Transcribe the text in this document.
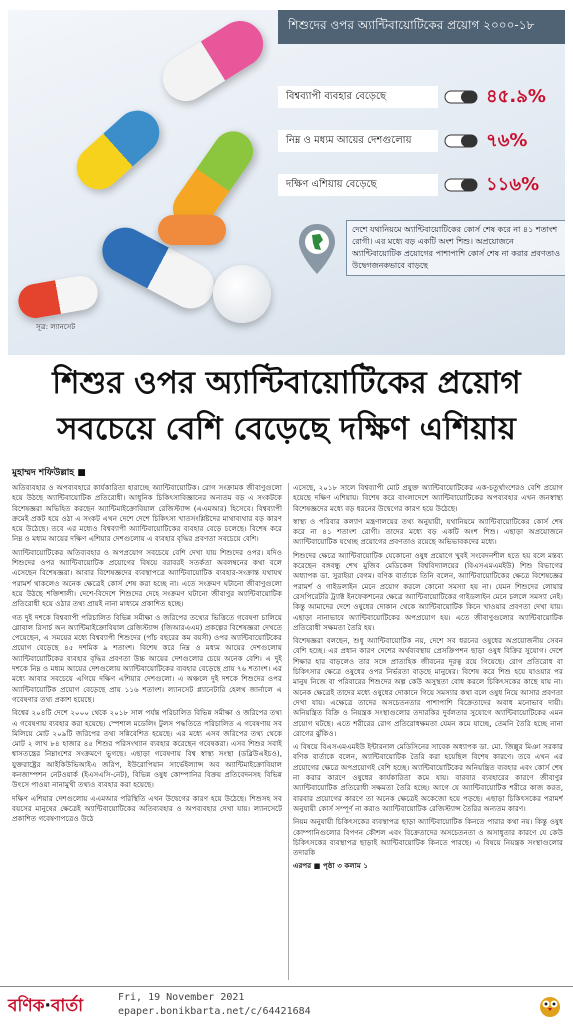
সূত্র: ল্যানসেট
শিশুদের ওপর অ্যান্টিবায়োটিকের প্রয়োগ ২০০০-১৮
বিশ্বব্যাপী ব্যবহার বেড়েছে	৪৫.৯%
নিম্ন ও মধ্যম আয়ের দেশগুলোয়	৭৬%
দক্ষিণ এশিয়ায় বেড়েছে	১১৬%
দেশে যথানিয়মে অ্যান্টিবায়োটিকের কোর্স শেষ করে না ৪১ শতাংশ রোগী। এর মধ্যে বড় একটি অংশ শিশু। অপ্রয়োজনে অ্যান্টিবায়োটিক প্রয়োগের পাশাপাশি কোর্স শেষ না করার প্রবণতাও উদ্বেগজনকভাবে বাড়ছে
শিশুর ওপর অ্যান্টিবায়োটিকের প্রয়োগ
সবচেয়ে বেশি বেড়েছে দক্ষিণ এশিয়ায়
মুহাম্মদ শফিউল্লাহ ■

অতিব্যবহার ও অপব্যবহারে কার্যকারিতা হারাচ্ছে অ্যান্টিবায়োটিক। রোগ সংক্রামক জীবাণুগুলো হয়ে উঠছে অ্যান্টিবায়োটিক প্রতিরোধী। আধুনিক চিকিৎসাবিজ্ঞানের অন্যতম বড় এ সংকটকে বিশেষজ্ঞরা অভিহিত করছেন অ্যান্টিমাইক্রোবিয়াল রেজিস্ট্যান্স (এএমআর) হিসেবে। বিশ্বব্যাপী ক্রমেই প্রকট হয়ে ওঠা এ সংকট এখন দেশে দেশে চিকিৎসা খাতসংশ্লিষ্টদের মাথাব্যথার বড় কারণ হয়ে উঠেছে। তবে এর মধ্যেও বিশ্বব্যাপী অ্যান্টিবায়োটিকের ব্যবহার বেড়ে চলেছে। বিশেষ করে নিম্ন ও মধ্যম আয়ের দক্ষিণ এশিয়ার দেশগুলোয় এ ব্যবহার বৃদ্ধির প্রবণতা সবচেয়ে বেশি।

অ্যান্টিবায়োটিকের অতিব্যবহার ও অপপ্রয়োগ সবচেয়ে বেশি দেখা যায় শিশুদের ওপর। যদিও শিশুদের ওপর অ্যান্টিবায়োটিক প্রয়োগের বিষয়ে বরাবরই সতর্কতা অবলম্বনের কথা বলে এসেছেন বিশেষজ্ঞরা। আবার বিশেষজ্ঞদের ব্যবস্থাপত্রে অ্যান্টিবায়োটিক ব্যবহার-সংক্রান্ত যথাযথ পরামর্শ থাকলেও অনেক ক্ষেত্রেই কোর্স শেষ করা হচ্ছে না। এতে সংক্রমণ ঘটানো জীবাণুগুলো হয়ে উঠছে শক্তিশালী। দেশে-বিদেশে শিশুদের দেহে সংক্রমণ ঘটানো জীবাণুর অ্যান্টিবায়োটিক প্রতিরোধী হয়ে ওঠার তথ্য প্রায়ই নানা মাধ্যমে প্রকাশিত হচ্ছে।

গত দুই দশকে বিশ্বব্যাপী পরিচালিত বিভিন্ন সমীক্ষা ও জরিপের তথ্যের ভিত্তিতে গবেষণা চালিয়ে গ্লোবাল রিসার্চ অন অ্যান্টিমাইক্রোবিয়াল রেজিস্ট্যান্স (জিআরএএম) প্রকল্পের বিশেষজ্ঞরা দেখতে পেয়েছেন, এ সময়ের মধ্যে বিশ্বব্যাপী শিশুদের (পাঁচ বছরের কম বয়সী) ওপর অ্যান্টিবায়োটিকের প্রয়োগ বেড়েছে ৪৫ দশমিক ৯ শতাংশ। বিশেষ করে নিম্ন ও মধ্যম আয়ের দেশগুলোয় অ্যান্টিবায়োটিকের ব্যবহার বৃদ্ধির প্রবণতা উচ্চ আয়ের দেশগুলোর চেয়ে অনেক বেশি। এ দুই দশকে নিম্ন ও মধ্যম আয়ের দেশগুলোয় অ্যান্টিবায়োটিকের ব্যবহার বেড়েছে প্রায় ৭৬ শতাংশ। এর মধ্যে আবার সবচেয়ে এগিয়ে দক্ষিণ এশিয়ার দেশগুলো। এ অঞ্চলে দুই দশকে শিশুদের ওপর অ্যান্টিবায়োটিক প্রয়োগ বেড়েছে প্রায় ১১৬ শতাংশ। ল্যানসেট প্ল্যানেটারি হেলথ জার্নালে এ গবেষণার তথ্য প্রকাশ হয়েছে।

বিশ্বের ২০৪টি দেশে ২০০০ থেকে ২০১৮ সাল পর্যন্ত পরিচালিত বিভিন্ন সমীক্ষা ও জরিপের তথ্য এ গবেষণায় ব্যবহার করা হয়েছে। স্পেশাল মডেলিং টুলস পদ্ধতিতে পরিচালিত এ গবেষণায় সব মিলিয়ে মোট ২০৯টি জরিপের তথ্য সন্নিবেশিত হয়েছে। এর মধ্যে এসব জরিপের তথ্য থেকে মোট ২ লাখ ৮৪ হাজার ৪৫ শিশুর পরিসংখ্যান ব্যবহার করেছেন গবেষকরা। এসব শিশুর সবাই শ্বাসতন্ত্রের নিম্নাংশের সংক্রমণে ভুগছে। এছাড়া গবেষণায় বিশ্ব স্বাস্থ্য সংস্থা (ডব্লিউএইচও), যুক্তরাষ্ট্রের আইকিউভিআইএ জরিপ, ইউরোপিয়ান সার্ভেইল্যান্স অব অ্যান্টিমাইক্রোবিয়াল কনজাম্পশন নেটওয়ার্ক (ইএসএসি-নেট), বিভিন্ন ওষুধ কোম্পানির বিক্রয় প্রতিবেদনসহ বিভিন্ন উৎসে পাওয়া নানামুখী তথ্যও ব্যবহার করা হয়েছে।

দক্ষিণ এশিয়ার দেশগুলোয় এএমআর পরিস্থিতি এখন উদ্বেগের কারণ হয়ে উঠেছে। শিশুসহ সব বয়সের মানুষের ক্ষেত্রেই অ্যান্টিবায়োটিকের অতিব্যবহার ও অপব্যবহার দেখা যায়। ল্যানসেটে প্রকাশিত গবেষণাপত্রেও উঠে

এসেছে, ২০১৮ সালে বিশ্বব্যাপী মোট প্রযুক্ত অ্যান্টিবায়োটিকের এক-চতুর্থাংশেরও বেশি প্রয়োগ হয়েছে দক্ষিণ এশিয়ায়। বিশেষ করে বাংলাদেশে অ্যান্টিবায়োটিকের অপব্যবহার এখন জনস্বাস্থ্য বিশেষজ্ঞদের মধ্যে বড় ধরনের উদ্বেগের কারণ হয়ে উঠেছে।

স্বাস্থ্য ও পরিবার কল্যাণ মন্ত্রণালয়ের তথ্য অনুযায়ী, যথানিয়মে অ্যান্টিবায়োটিকের কোর্স শেষ করে না ৪১ শতাংশ রোগী। তাদের মধ্যে বড় একটি অংশ শিশু। এছাড়া অপ্রয়োজনে অ্যান্টিবায়োটিক যথেচ্ছ প্রয়োগের প্রবণতাও রয়েছে অভিভাবকদের মধ্যে।

শিশুদের ক্ষেত্রে অ্যান্টিবায়োটিক যেকোনো ওষুধ প্রয়োগে খুবই সংবেদনশীল হতে হয় বলে মন্তব্য করেছেন বঙ্গবন্ধু শেখ মুজিব মেডিকেল বিশ্ববিদ্যালয়ের (বিএসএমএমইউ) শিশু বিভাগের অধ্যাপক ডা. সুরাইয়া বেগম। বণিক বার্তাকে তিনি বলেন, অ্যান্টিবায়োটিকের ক্ষেত্রে বিশেষজ্ঞের পরামর্শ ও গাইডলাইন মেনে প্রয়োগ করলে কোনো সমস্যা হয় না। যেমন শিশুদের লোয়ার রেসপিরেটরি ট্র্যাক্ট ইনফেকশনের ক্ষেত্রে অ্যান্টিবায়োটিকের গাইডলাইন মেনে চললে সমস্যা নেই। কিন্তু আমাদের দেশে ওষুধের দোকান থেকে অ্যান্টিবায়োটিক কিনে খাওয়ার প্রবণতা দেখা যায়। এছাড়া নানাভাবে অ্যান্টিবায়োটিকের অপপ্রয়োগ হয়। এতে জীবাণুগুলোর অ্যান্টিবায়োটিক প্রতিরোধী সক্ষমতা তৈরি হয়।

বিশেষজ্ঞরা বলছেন, শুধু অ্যান্টিবায়োটিক নয়, দেশে সব ধরনের ওষুধের অপ্রয়োজনীয় সেবন বেশি হচ্ছে। এর প্রধান কারণ দেশের অর্থব্যবস্থায় প্রেসক্রিপশন ছাড়া ওষুধ বিক্রির সুযোগ। দেশে শিক্ষার হার বাড়লেও তার সঙ্গে প্রাত্যহিক জীবনের দূরত্ব রয়ে গিয়েছে। রোগ প্রতিরোধ বা চিকিৎসার ক্ষেত্রে ওষুধের ওপর নির্ভরতা বাড়ছে মানুষের। বিশেষ করে শিশু হয়ে যাওয়ার পর মানুষ নিজে বা পরিবারের শিশুদের অল্প কেউ অসুস্থতা বোধ করলে চিকিৎসকের কাছে যায় না। অনেক ক্ষেত্রেই তাদের মধ্যে ওষুধের দোকানে গিয়ে সমস্যার কথা বলে ওষুধ নিয়ে আসার প্রবণতা দেখা যায়। এক্ষেত্রে তাদের অসচেতনতার পাশাপাশি বিক্রেতাদের অবাধ মনোভাব দায়ী। অনিয়ন্ত্রিত বিক্রি ও নিয়ন্ত্রক সংস্থাগুলোর তদারকির দুর্বলতার সুযোগে অ্যান্টিবায়োটিকের এমন প্রয়োগ ঘটছে। এতে শরীরের রোগ প্রতিরোধক্ষমতা যেমন কমে যাচ্ছে, তেমনি তৈরি হচ্ছে নানা রোগের ঝুঁকিও।

এ বিষয়ে বিএসএমএমইউ ইন্টারনাল মেডিসিনের সাবেক অধ্যাপক ডা. মো. জিল্লুর মিঞা সরকার বণিক বার্তাকে বলেন, অ্যান্টিবায়োটিক তৈরি করা হয়েছিল বিশেষ কারণে। তবে এখন এর প্রয়োগের ক্ষেত্রে অপপ্রয়োগই বেশি হচ্ছে। অ্যান্টিবায়োটিকের অনিয়ন্ত্রিত ব্যবহার এবং কোর্স শেষ না করার কারণে ওষুধের কার্যকারিতা কমে যায়। বারবার ব্যবহারের কারণে জীবাণুর অ্যান্টিবায়োটিক প্রতিরোধী সক্ষমতা তৈরি হচ্ছে। আগে যে অ্যান্টিবায়োটিক শরীরে কাজ করত, বারবার প্রয়োগের কারণে তা অনেক ক্ষেত্রেই অকেজো হয়ে পড়ছে। এছাড়া চিকিৎসকের পরামর্শ অনুযায়ী কোর্স সম্পূর্ণ না করাও অ্যান্টিবায়োটিক রেজিস্ট্যান্স তৈরির অন্যতম কারণ।

নিয়ম অনুযায়ী চিকিৎসকের ব্যবস্থাপত্র ছাড়া অ্যান্টিবায়োটিক কিনতে পারার কথা নয়। কিন্তু ওষুধ কোম্পানিগুলোর বিপণন কৌশল এবং বিক্রেতাদের অসচেতনতা ও অসাধুতার কারণে যে কেউ চিকিৎসকের ব্যবস্থাপত্র ছাড়াই অ্যান্টিবায়োটিক কিনতে পারছে। এ বিষয়ে নিয়ন্ত্রক সংস্থাগুলোর তদারকি

এরপর ■ পৃষ্ঠা ৩ কলাম ১

বণিক·বার্তা	Fri, 19 November 2021
epaper.bonikbarta.net/c/64421684
